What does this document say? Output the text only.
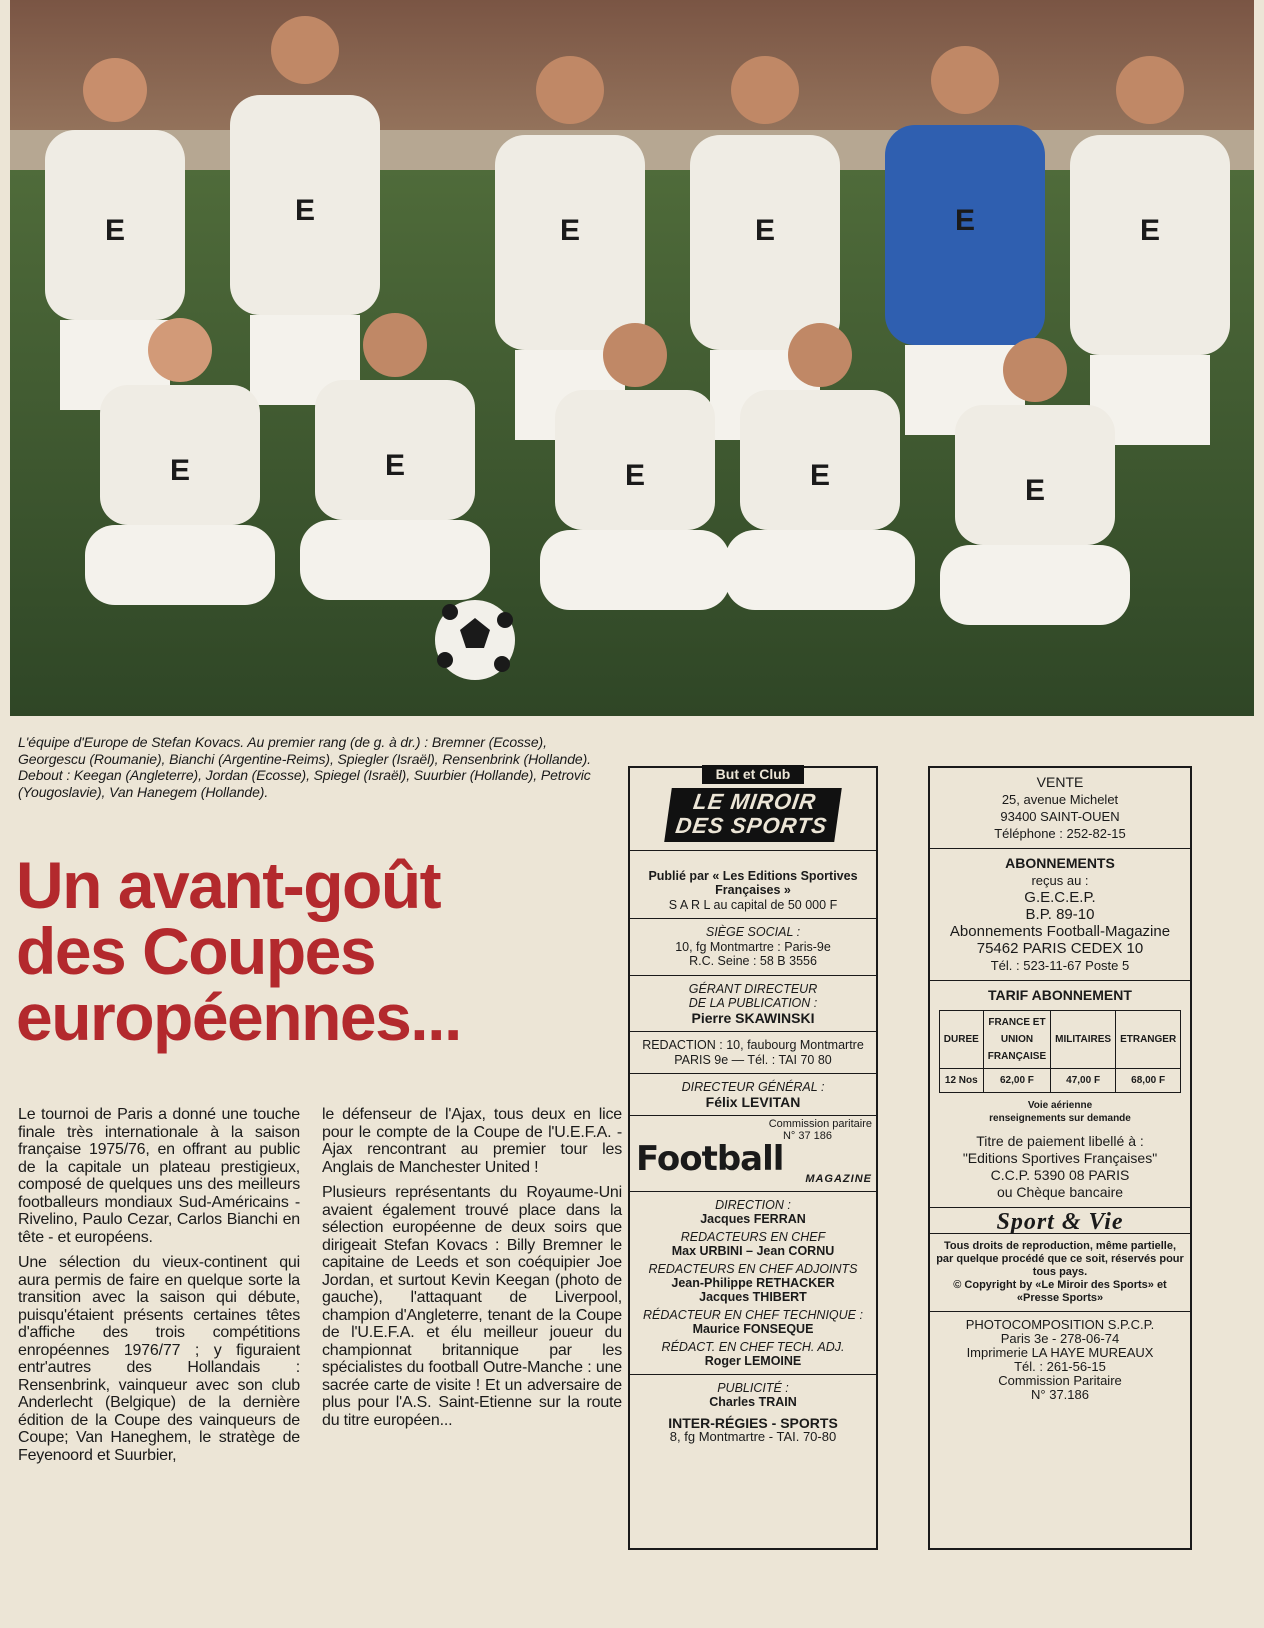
E
E
E	E	E	E
E	E	E	E	E
L'équipe d'Europe de Stefan Kovacs. Au premier rang (de g. à dr.) : Bremner (Ecosse), Georgescu (Roumanie), Bianchi (Argentine-Reims), Spiegler (Israël), Rensenbrink (Hollande). Debout : Keegan (Angleterre), Jordan (Ecosse), Spiegel (Israël), Suurbier (Hollande), Petrovic (Yougoslavie), Van Hanegem (Hollande).
Un avant-goût
des Coupes
européennes...

Le tournoi de Paris a donné une touche finale très internationale à la saison française 1975/76, en offrant au public de la capitale un plateau prestigieux, composé de quelques uns des meilleurs footballeurs mondiaux Sud-Américains - Rivelino, Paulo Cezar, Carlos Bianchi en tête - et européens.

Une sélection du vieux-continent qui aura permis de faire en quelque sorte la transition avec la saison qui débute, puisqu'étaient présents certaines têtes d'affiche des trois compétitions enropéennes 1976/77 ; y figuraient entr'autres des Hollandais : Rensenbrink, vainqueur avec son club Anderlecht (Belgique) de la dernière édition de la Coupe des vainqueurs de Coupe; Van Haneghem, le stratège de Feyenoord et Suurbier,

le défenseur de l'Ajax, tous deux en lice pour le compte de la Coupe de l'U.E.F.A. - Ajax rencontrant au premier tour les Anglais de Manchester United !

Plusieurs représentants du Royaume-Uni avaient également trouvé place dans la sélection européenne de deux soirs que dirigeait Stefan Kovacs : Billy Bremner le capitaine de Leeds et son coéquipier Joe Jordan, et surtout Kevin Keegan (photo de gauche), l'attaquant de Liverpool, champion d'Angleterre, tenant de la Coupe de l'U.E.F.A. et élu meilleur joueur du championnat britannique par les spécialistes du football Outre-Manche : une sacrée carte de visite ! Et un adversaire de plus pour l'A.S. Saint-Etienne sur la route du titre européen...

But et Club
LE MIROIR
DES SPORTS
Publié par « Les Editions Sportives Françaises »
S A R L au capital de 50 000 F
SIÈGE SOCIAL :
10, fg Montmartre : Paris-9e
R.C. Seine : 58 B 3556
GÉRANT DIRECTEUR
DE LA PUBLICATION :
Pierre SKAWINSKI
REDACTION : 10, faubourg Montmartre
PARIS 9e — Tél. : TAI 70 80
DIRECTEUR GÉNÉRAL :
Félix LEVITAN
Commission paritaire
N° 37 186
Football	MAGAZINE
DIRECTION :
Jacques FERRAN
REDACTEURS EN CHEF
Max URBINI – Jean CORNU
REDACTEURS EN CHEF ADJOINTS
Jean-Philippe RETHACKER
Jacques THIBERT
RÉDACTEUR EN CHEF TECHNIQUE :
Maurice FONSEQUE
RÉDACT. EN CHEF TECH. ADJ.
Roger LEMOINE
PUBLICITÉ :
Charles TRAIN
INTER-RÉGIES - SPORTS
8, fg Montmartre - TAI. 70-80
VENTE
25, avenue Michelet
93400 SAINT-OUEN
Téléphone : 252-82-15
ABONNEMENTS
reçus au :
G.E.C.E.P.
B.P. 89-10
Abonnements Football-Magazine
75462 PARIS CEDEX 10
Tél. : 523-11-67 Poste 5
TARIF ABONNEMENT
DUREE	FRANCE ET UNION FRANÇAISE	MILITAIRES	ETRANGER
12 Nos	62,00 F	47,00 F	68,00 F
Voie aérienne
renseignements sur demande
Titre de paiement libellé à :
"Editions Sportives Françaises"
C.C.P. 5390 08 PARIS
ou Chèque bancaire
Sport & Vie
Tous droits de reproduction, même partielle, par quelque procédé que ce soit, réservés pour tous pays.
© Copyright by «Le Miroir des Sports» et «Presse Sports»
PHOTOCOMPOSITION S.P.C.P.
Paris 3e - 278-06-74
Imprimerie LA HAYE MUREAUX
Tél. : 261-56-15
Commission Paritaire
N° 37.186
